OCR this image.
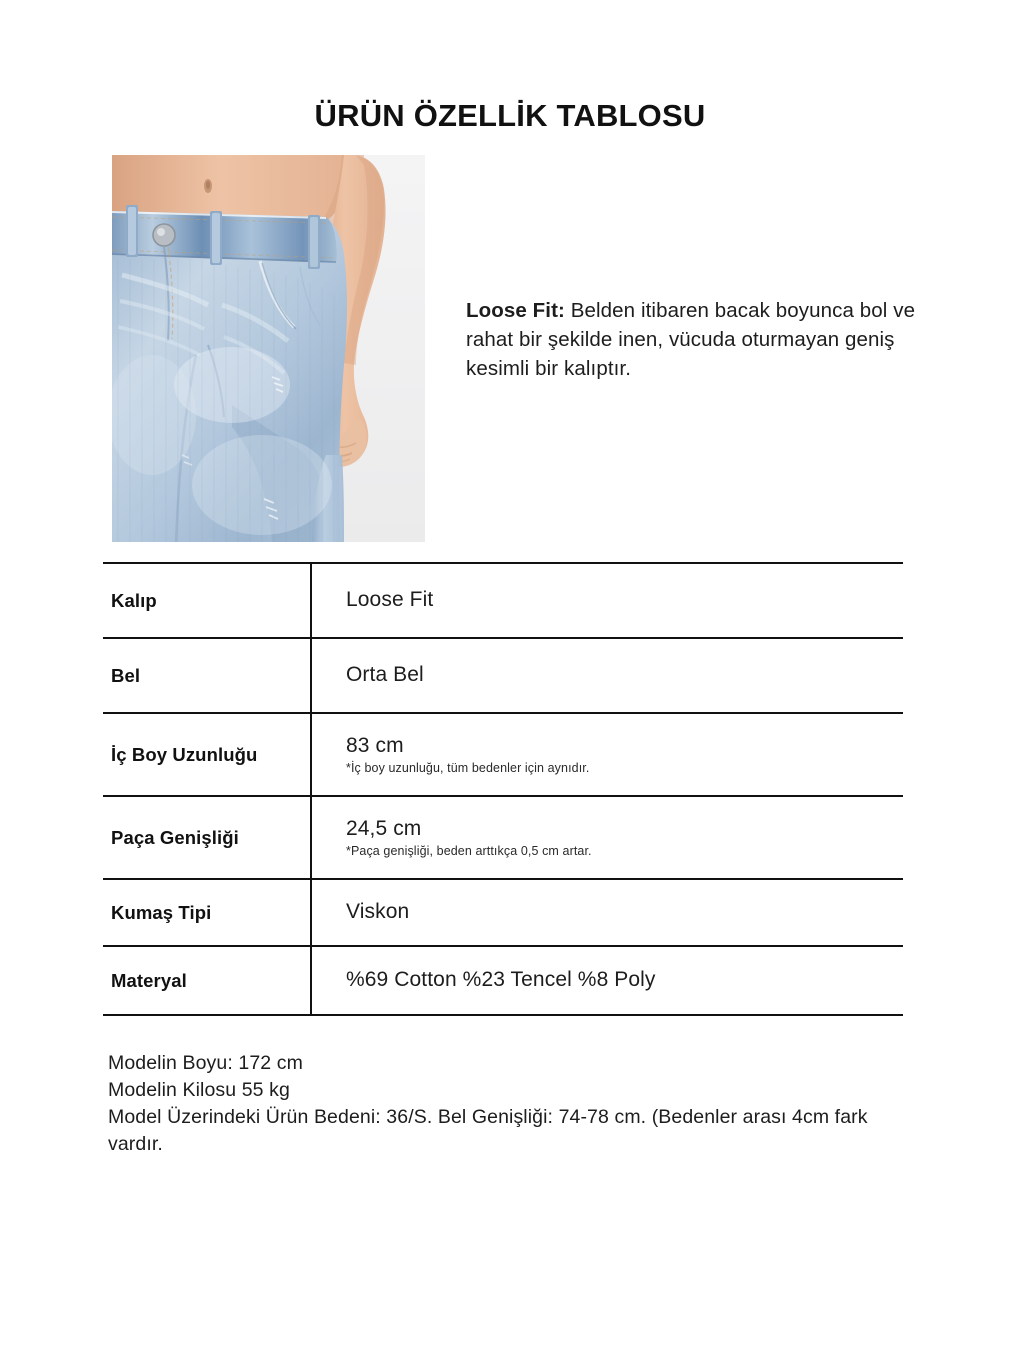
ÜRÜN ÖZELLİK TABLOSU
Loose Fit: Belden itibaren bacak boyunca bol ve rahat bir şekilde inen, vücuda oturmayan geniş kesimli bir kalıptır.
Kalıp	Loose Fit
Bel	Orta Bel
İç Boy Uzunluğu	83 cm
*İç boy uzunluğu, tüm bedenler için aynıdır.
Paça Genişliği	24,5 cm
*Paça genişliği, beden arttıkça 0,5 cm artar.
Kumaş Tipi	Viskon
Materyal	%69 Cotton %23 Tencel %8 Poly
Modelin Boyu: 172 cm
Modelin Kilosu 55 kg
Model Üzerindeki Ürün Bedeni: 36/S. Bel Genişliği: 74-78 cm. (Bedenler arası 4cm fark vardır.
